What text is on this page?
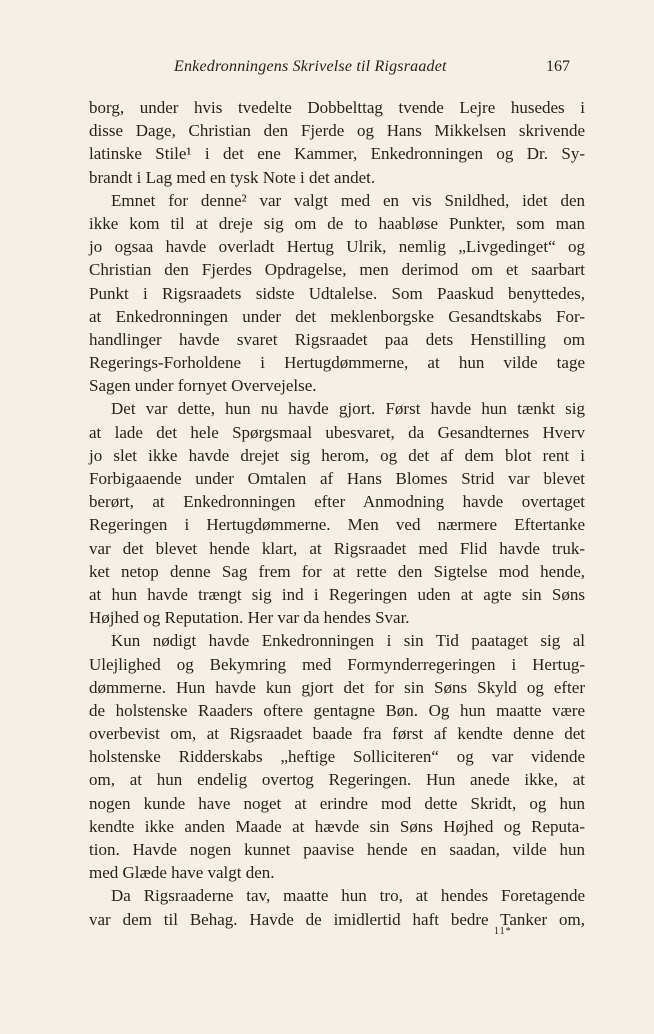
Enkedronningens Skrivelse til Rigsraadet	167
borg, under hvis tvedelte Dobbelttag tvende Lejre husedes i
disse Dage, Christian den Fjerde og Hans Mikkelsen skrivende
latinske Stile¹ i det ene Kammer, Enkedronningen og Dr. Sy-
brandt i Lag med en tysk Note i det andet.
Emnet for denne² var valgt med en vis Snildhed, idet den
ikke kom til at dreje sig om de to haabløse Punkter, som man
jo ogsaa havde overladt Hertug Ulrik, nemlig „Livgedinget“ og
Christian den Fjerdes Opdragelse, men derimod om et saarbart
Punkt i Rigsraadets sidste Udtalelse. Som Paaskud benyttedes,
at Enkedronningen under det meklenborgske Gesandtskabs For-
handlinger havde svaret Rigsraadet paa dets Henstilling om
Regerings-Forholdene i Hertugdømmerne, at hun vilde tage
Sagen under fornyet Overvejelse.
Det var dette, hun nu havde gjort. Først havde hun tænkt sig
at lade det hele Spørgsmaal ubesvaret, da Gesandternes Hverv
jo slet ikke havde drejet sig herom, og det af dem blot rent i
Forbigaaende under Omtalen af Hans Blomes Strid var blevet
berørt, at Enkedronningen efter Anmodning havde overtaget
Regeringen i Hertugdømmerne. Men ved nærmere Eftertanke
var det blevet hende klart, at Rigsraadet med Flid havde truk-
ket netop denne Sag frem for at rette den Sigtelse mod hende,
at hun havde trængt sig ind i Regeringen uden at agte sin Søns
Højhed og Reputation. Her var da hendes Svar.
Kun nødigt havde Enkedronningen i sin Tid paataget sig al
Ulejlighed og Bekymring med Formynderregeringen i Hertug-
dømmerne. Hun havde kun gjort det for sin Søns Skyld og efter
de holstenske Raaders oftere gentagne Bøn. Og hun maatte være
overbevist om, at Rigsraadet baade fra først af kendte denne det
holstenske Ridderskabs „heftige Solliciteren“ og var vidende
om, at hun endelig overtog Regeringen. Hun anede ikke, at
nogen kunde have noget at erindre mod dette Skridt, og hun
kendte ikke anden Maade at hævde sin Søns Højhed og Reputa-
tion. Havde nogen kunnet paavise hende en saadan, vilde hun
med Glæde have valgt den.
Da Rigsraaderne tav, maatte hun tro, at hendes Foretagende
var dem til Behag. Havde de imidlertid haft bedre Tanker om,
11*
